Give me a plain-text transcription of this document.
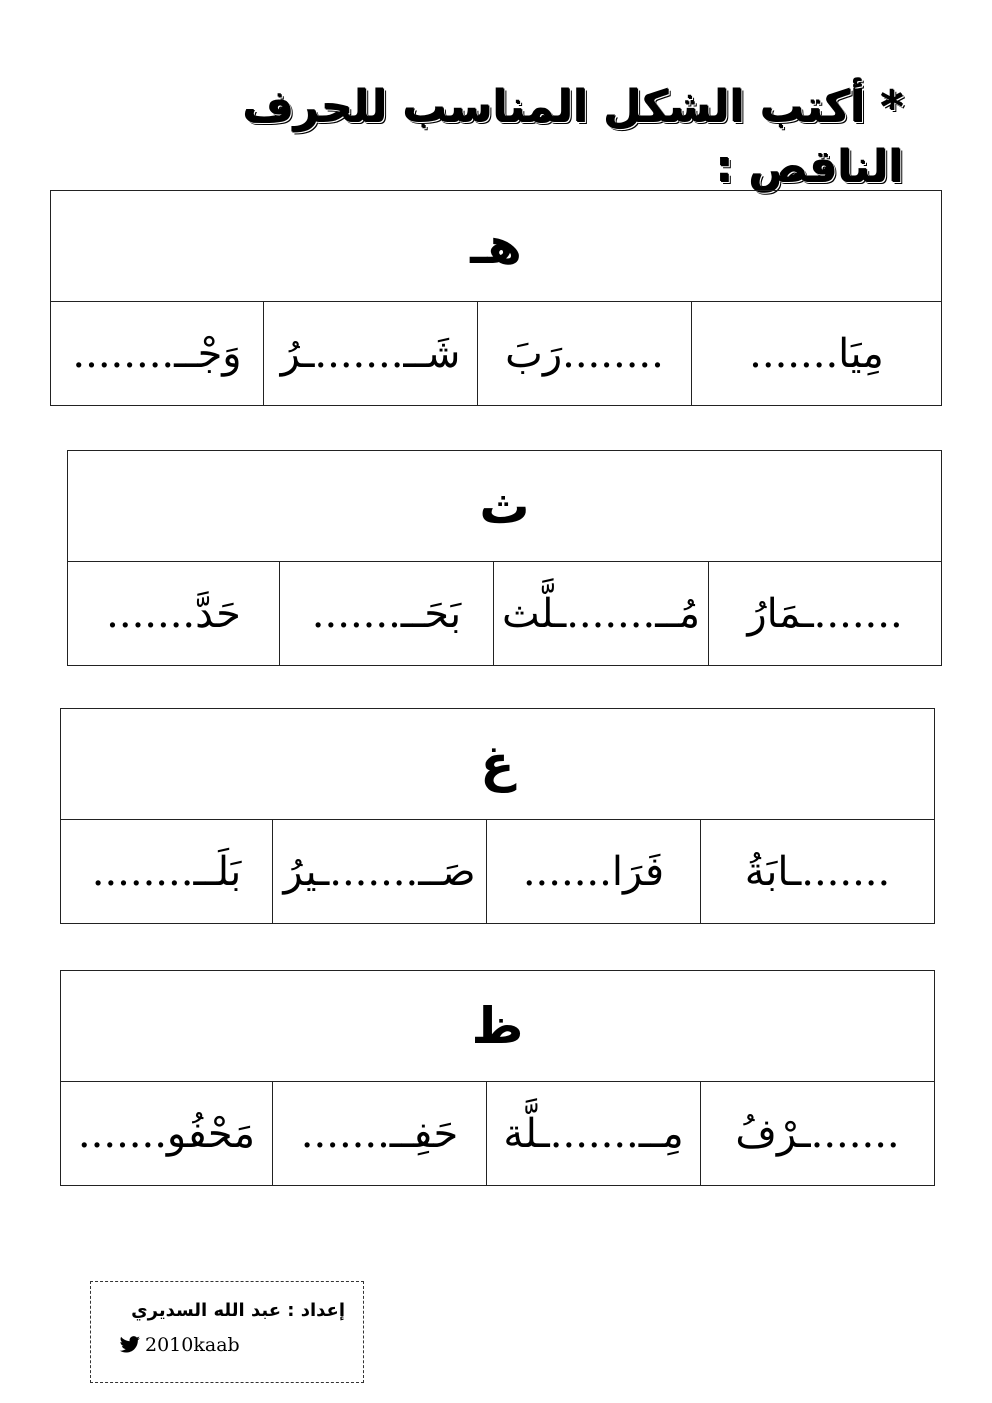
* أكتب الشكل المناسب للحرف الناقص :
هـ
مِيَا.......
........رَبَ
شَــ.......ـرُ
وَجْــ........
ث
.......ـمَارُ
مُــ.......ـلَّث
بَحَــ.......
حَدَّ.......
غ
.......ـابَةُ
فَرَا.......
صَــ.......ـيرُ
بَلَــ........
ظ
.......ـرْفُ
مِــ.......ـلَّة
حَفِــ.......
مَحْفُو.......
إعداد : عبد الله السديري
2010kaab
